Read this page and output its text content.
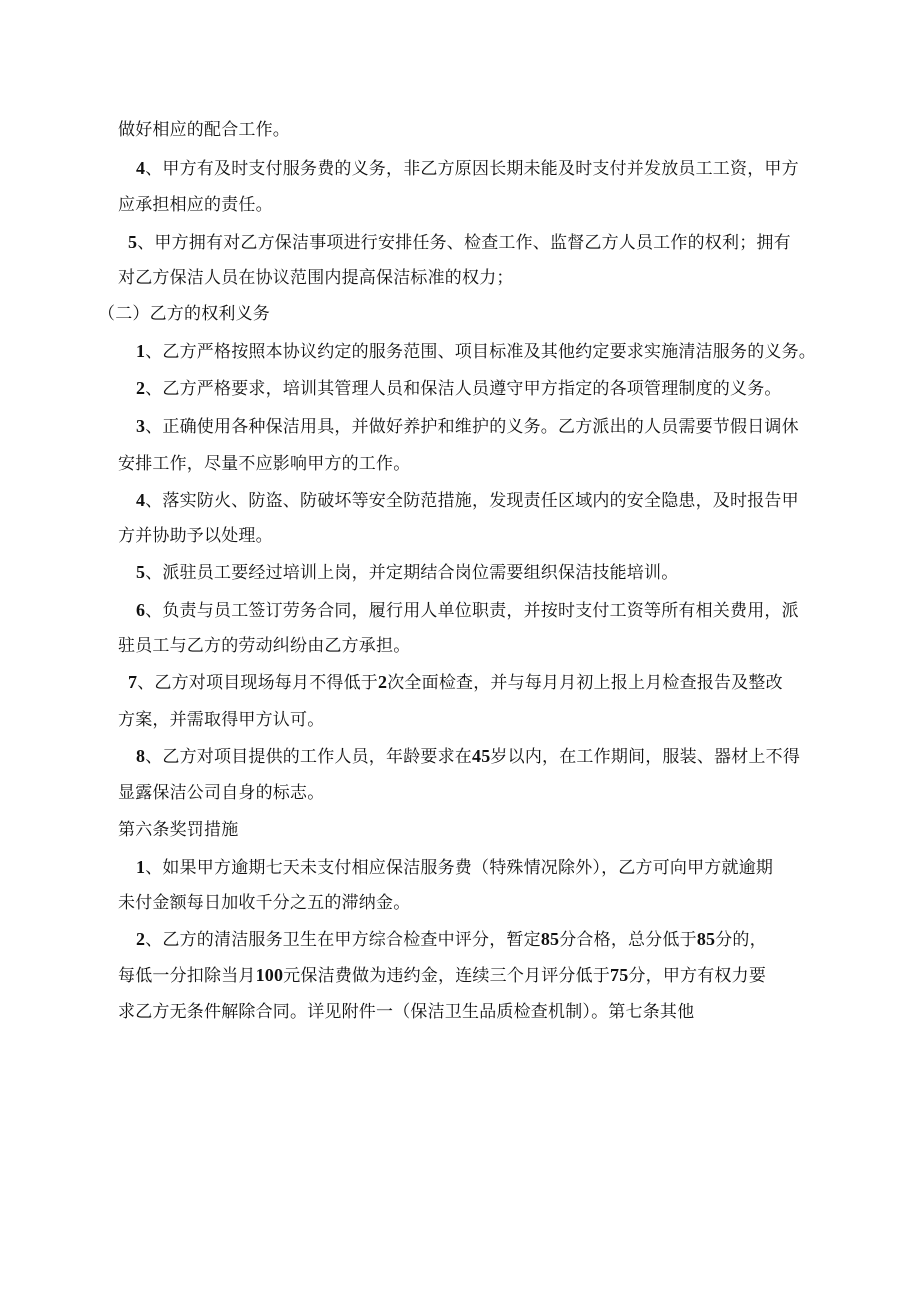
做好相应的配合工作。

4、甲方有及时支付服务费的义务，非乙方原因长期未能及时支付并发放员工工资，甲方

应承担相应的责任。

5、甲方拥有对乙方保洁事项进行安排任务、检查工作、监督乙方人员工作的权利；拥有

对乙方保洁人员在协议范围内提高保洁标准的权力；

（二）乙方的权利义务

1、乙方严格按照本协议约定的服务范围、项目标准及其他约定要求实施清洁服务的义务。

2、乙方严格要求，培训其管理人员和保洁人员遵守甲方指定的各项管理制度的义务。

3、正确使用各种保洁用具，并做好养护和维护的义务。乙方派出的人员需要节假日调休

安排工作，尽量不应影响甲方的工作。

4、落实防火、防盗、防破坏等安全防范措施，发现责任区域内的安全隐患，及时报告甲

方并协助予以处理。

5、派驻员工要经过培训上岗，并定期结合岗位需要组织保洁技能培训。

6、负责与员工签订劳务合同，履行用人单位职责，并按时支付工资等所有相关费用，派

驻员工与乙方的劳动纠纷由乙方承担。

7、乙方对项目现场每月不得低于2次全面检查，并与每月月初上报上月检查报告及整改

方案，并需取得甲方认可。

8、乙方对项目提供的工作人员，年龄要求在45岁以内，在工作期间，服装、器材上不得

显露保洁公司自身的标志。

第六条奖罚措施

1、如果甲方逾期七天未支付相应保洁服务费（特殊情况除外），乙方可向甲方就逾期

未付金额每日加收千分之五的滞纳金。

2、乙方的清洁服务卫生在甲方综合检查中评分，暂定85分合格，总分低于85分的，

每低一分扣除当月100元保洁费做为违约金，连续三个月评分低于75分，甲方有权力要

求乙方无条件解除合同。详见附件一（保洁卫生品质检查机制）。第七条其他
